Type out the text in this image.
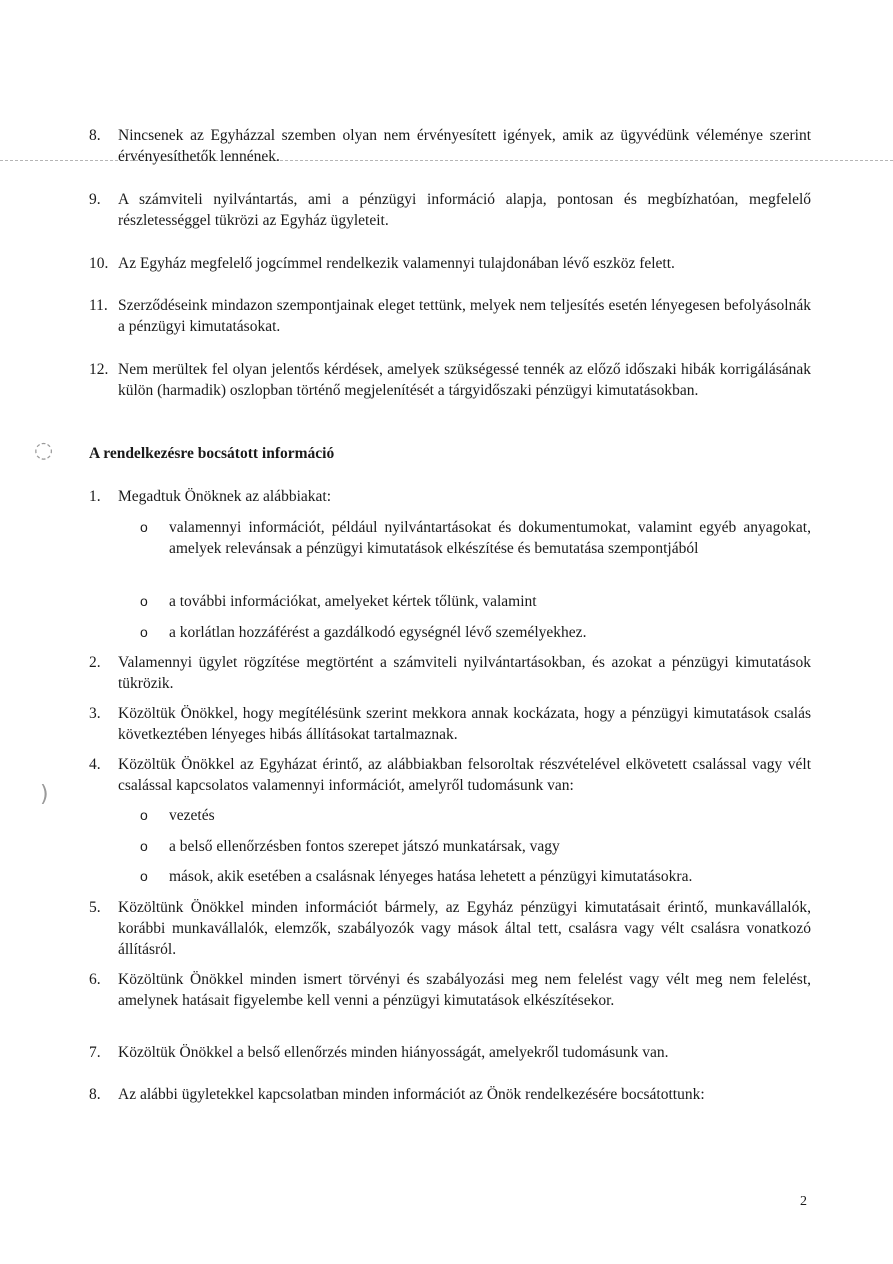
8.	Nincsenek az Egyházzal szemben olyan nem érvényesített igények, amik az ügyvédünk véleménye szerint érvényesíthetők lennének.
9.	A számviteli nyilvántartás, ami a pénzügyi információ alapja, pontosan és megbízhatóan, megfelelő részletességgel tükrözi az Egyház ügyleteit.
10. Az Egyház megfelelő jogcímmel rendelkezik valamennyi tulajdonában lévő eszköz felett.
11. Szerződéseink mindazon szempontjainak eleget tettünk, melyek nem teljesítés esetén lényegesen befolyásolnák a pénzügyi kimutatásokat.
12. Nem merültek fel olyan jelentős kérdések, amelyek szükségessé tennék az előző időszaki hibák korrigálásának külön (harmadik) oszlopban történő megjelenítését a tárgyidőszaki pénzügyi kimutatásokban.
A rendelkezésre bocsátott információ
1.	Megadtuk Önöknek az alábbiakat:
o valamennyi információt, például nyilvántartásokat és dokumentumokat, valamint egyéb anyagokat, amelyek relevánsak a pénzügyi kimutatások elkészítése és bemutatása szempontjából
o a további információkat, amelyeket kértek tőlünk, valamint
o a korlátlan hozzáférést a gazdálkodó egységnél lévő személyekhez.
2.	Valamennyi ügylet rögzítése megtörtént a számviteli nyilvántartásokban, és azokat a pénzügyi kimutatások tükrözik.
3.	Közöltük Önökkel, hogy megítélésünk szerint mekkora annak kockázata, hogy a pénzügyi kimutatások csalás következtében lényeges hibás állításokat tartalmaznak.
4.	Közöltük Önökkel az Egyházat érintő, az alábbiakban felsoroltak részvételével elkövetett csalással vagy vélt csalással kapcsolatos valamennyi információt, amelyről tudomásunk van:
o vezetés
o a belső ellenőrzésben fontos szerepet játszó munkatársak, vagy
o mások, akik esetében a csalásnak lényeges hatása lehetett a pénzügyi kimutatásokra.
5.	Közöltünk Önökkel minden információt bármely, az Egyház pénzügyi kimutatásait érintő, munkavállalók, korábbi munkavállalók, elemzők, szabályozók vagy mások által tett, csalásra vagy vélt csalásra vonatkozó állításról.
6.	Közöltünk Önökkel minden ismert törvényi és szabályozási meg nem felelést vagy vélt meg nem felelést, amelynek hatásait figyelembe kell venni a pénzügyi kimutatások elkészítésekor.
7.	Közöltük Önökkel a belső ellenőrzés minden hiányosságát, amelyekről tudomásunk van.
8.	Az alábbi ügyletekkel kapcsolatban minden információt az Önök rendelkezésére bocsátottunk:
◌
)
2
